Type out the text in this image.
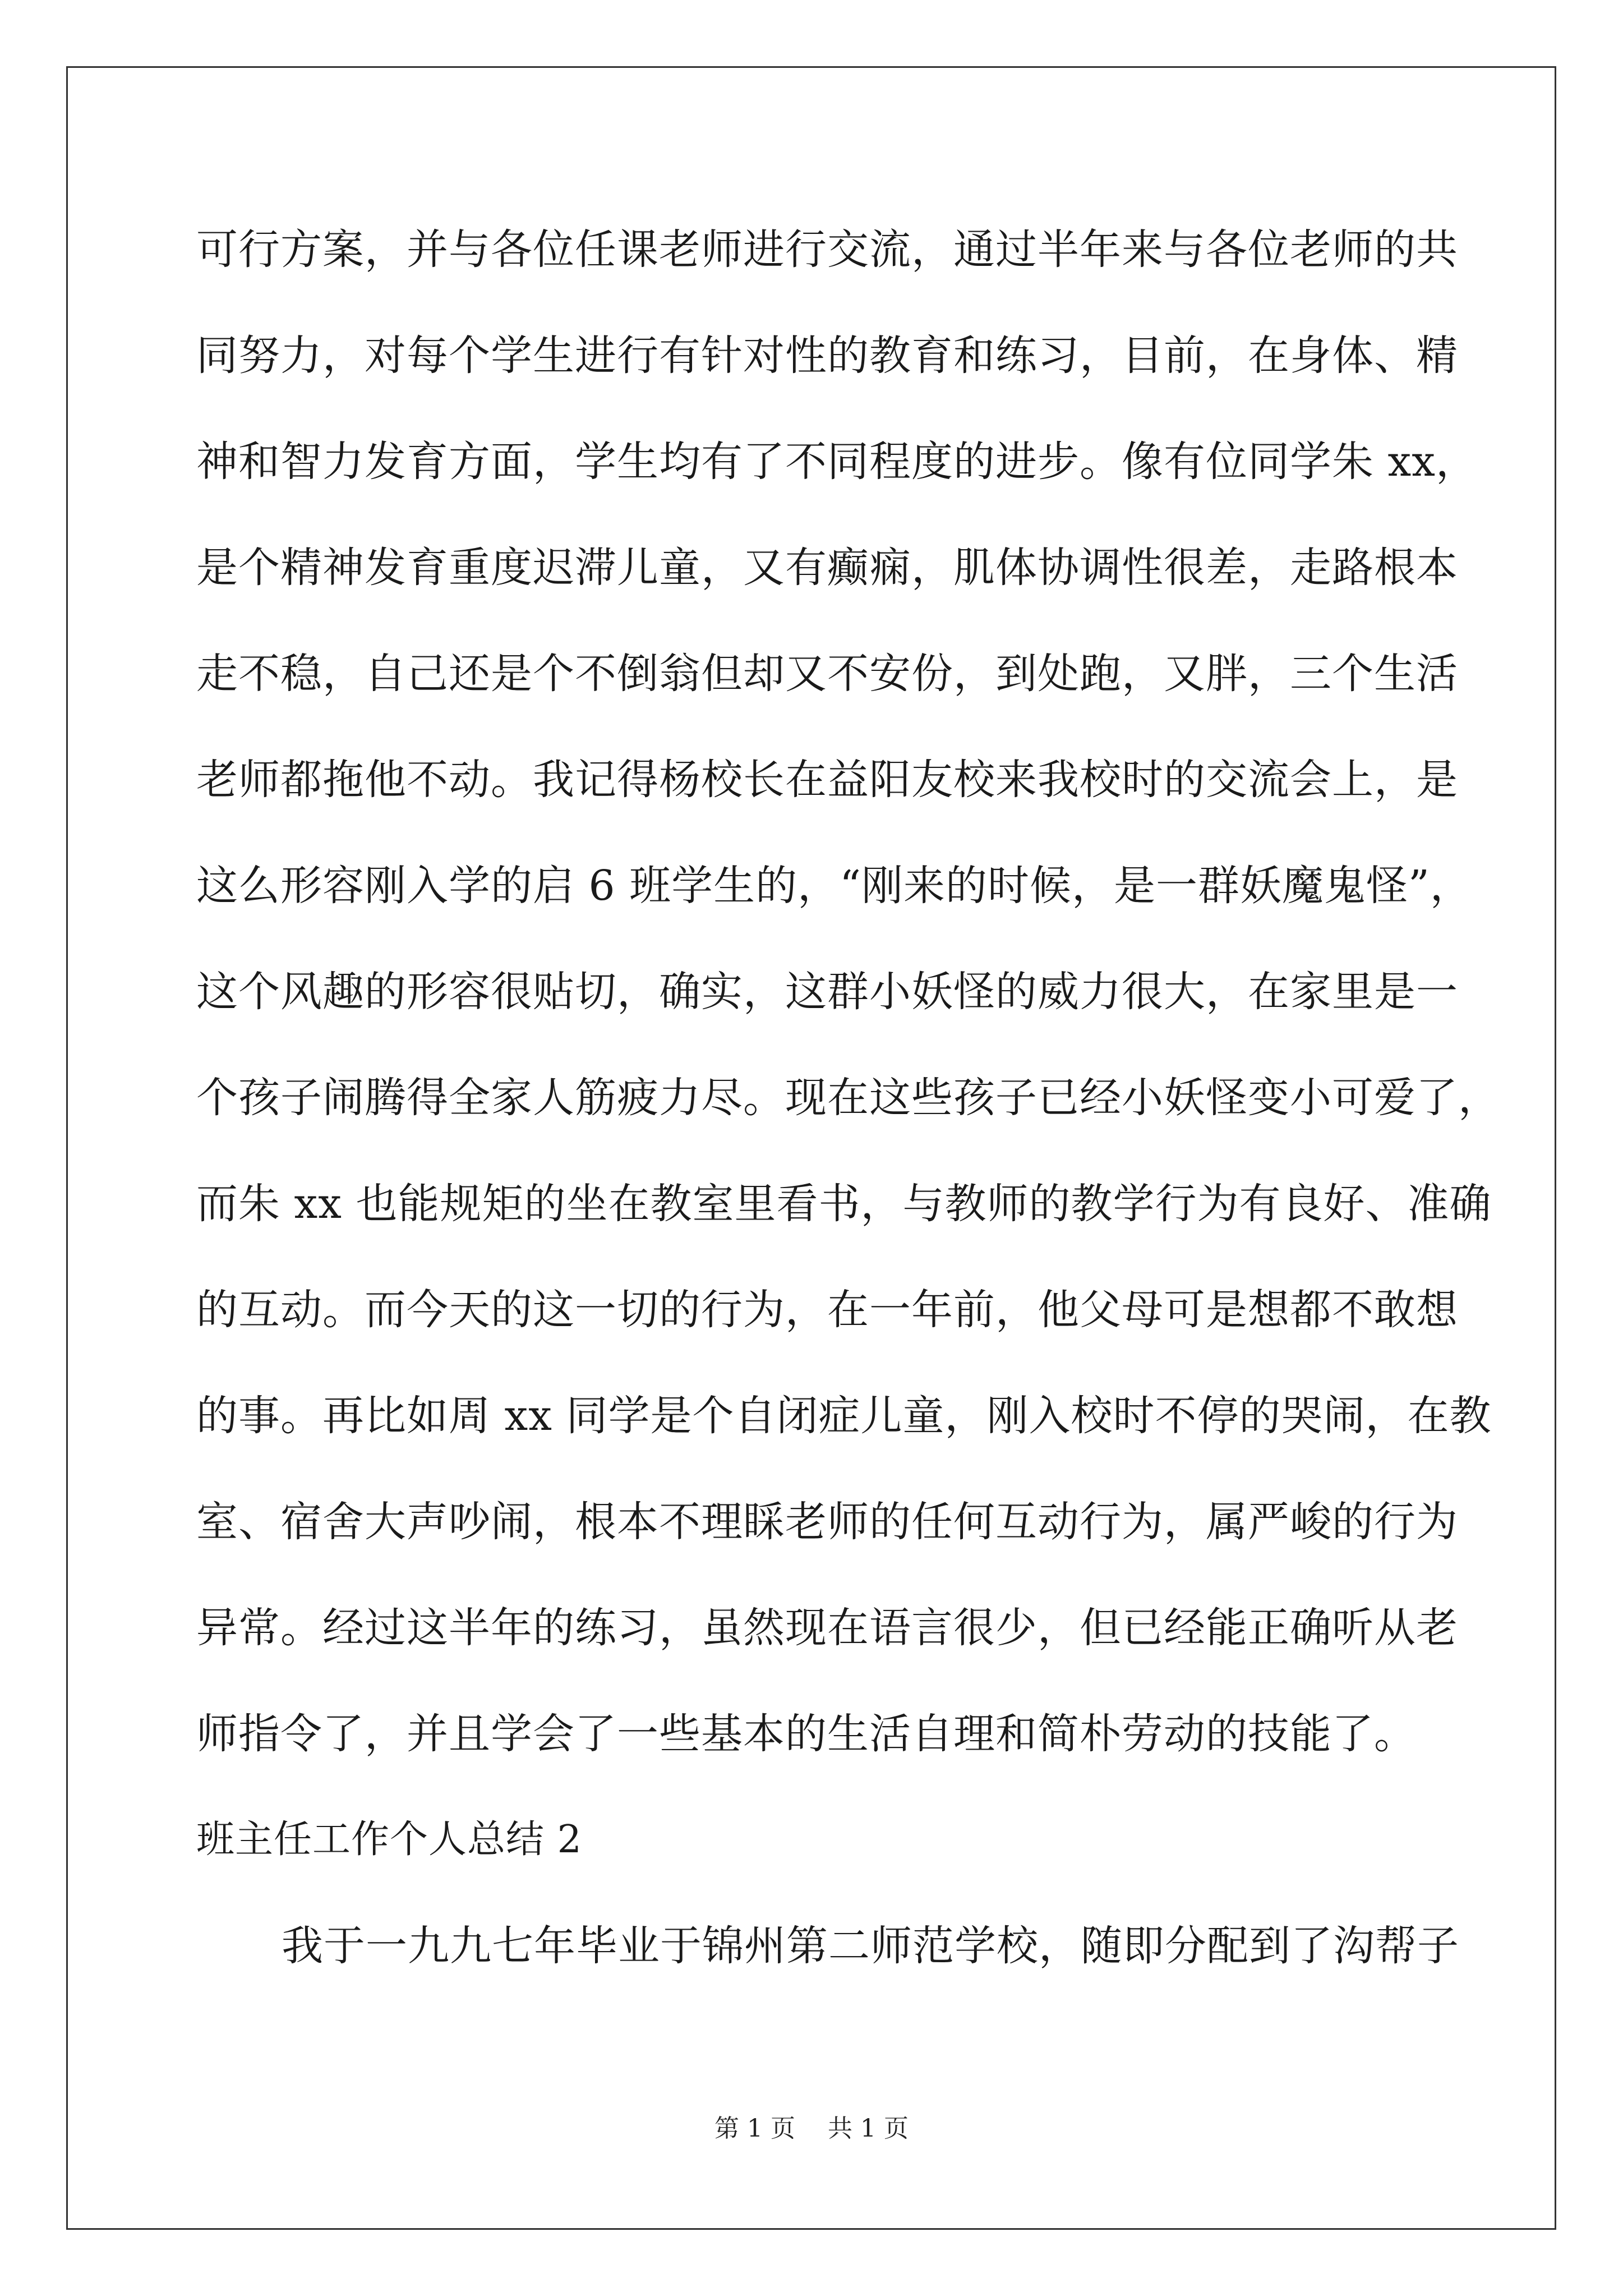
可行方案，并与各位任课老师进行交流，通过半年来与各位老师的共
同努力，对每个学生进行有针对性的教育和练习，目前，在身体、精
神和智力发育方面，学生均有了不同程度的进步。像有位同学朱 xx，
是个精神发育重度迟滞儿童，又有癫痫，肌体协调性很差，走路根本
走不稳，自己还是个不倒翁但却又不安份，到处跑，又胖，三个生活
老师都拖他不动。我记得杨校长在益阳友校来我校时的交流会上，是
这么形容刚入学的启 6 班学生的，“刚来的时候，是一群妖魔鬼怪”，
这个风趣的形容很贴切，确实，这群小妖怪的威力很大，在家里是一
个孩子闹腾得全家人筋疲力尽。现在这些孩子已经小妖怪变小可爱了，
而朱 xx 也能规矩的坐在教室里看书，与教师的教学行为有良好、准确
的互动。而今天的这一切的行为，在一年前，他父母可是想都不敢想
的事。再比如周 xx 同学是个自闭症儿童，刚入校时不停的哭闹，在教
室、宿舍大声吵闹，根本不理睬老师的任何互动行为，属严峻的行为
异常。经过这半年的练习，虽然现在语言很少，但已经能正确听从老
师指令了，并且学会了一些基本的生活自理和简朴劳动的技能了。
班主任工作个人总结 2
我于一九九七年毕业于锦州第二师范学校，随即分配到了沟帮子
第 1 页 共 1 页
